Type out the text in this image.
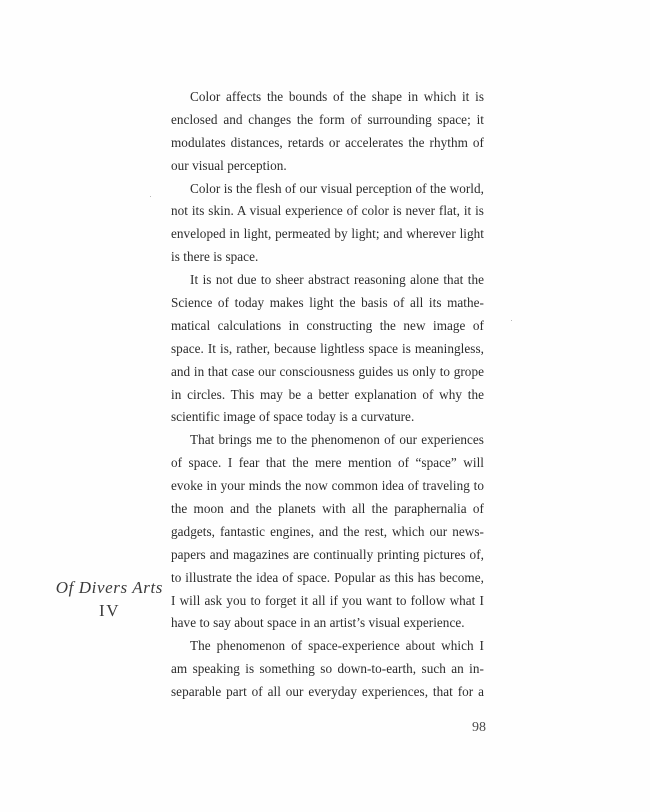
Color affects the bounds of the shape in which it is
enclosed and changes the form of surrounding space; it
modulates distances, retards or accelerates the rhythm of
our visual perception.
Color is the flesh of our visual perception of the world,
not its skin. A visual experience of color is never flat, it is
enveloped in light, permeated by light; and wherever light
is there is space.
It is not due to sheer abstract reasoning alone that the
Science of today makes light the basis of all its mathe-
matical calculations in constructing the new image of
space. It is, rather, because lightless space is meaningless,
and in that case our consciousness guides us only to grope
in circles. This may be a better explanation of why the
scientific image of space today is a curvature.
That brings me to the phenomenon of our experiences
of space. I fear that the mere mention of “space” will
evoke in your minds the now common idea of traveling to
the moon and the planets with all the paraphernalia of
gadgets, fantastic engines, and the rest, which our news-
papers and magazines are continually printing pictures of,
to illustrate the idea of space. Popular as this has become,
I will ask you to forget it all if you want to follow what I
have to say about space in an artist’s visual experience.
The phenomenon of space-experience about which I
am speaking is something so down-to-earth, such an in-
separable part of all our everyday experiences, that for a
Of Divers Arts
IV
98
